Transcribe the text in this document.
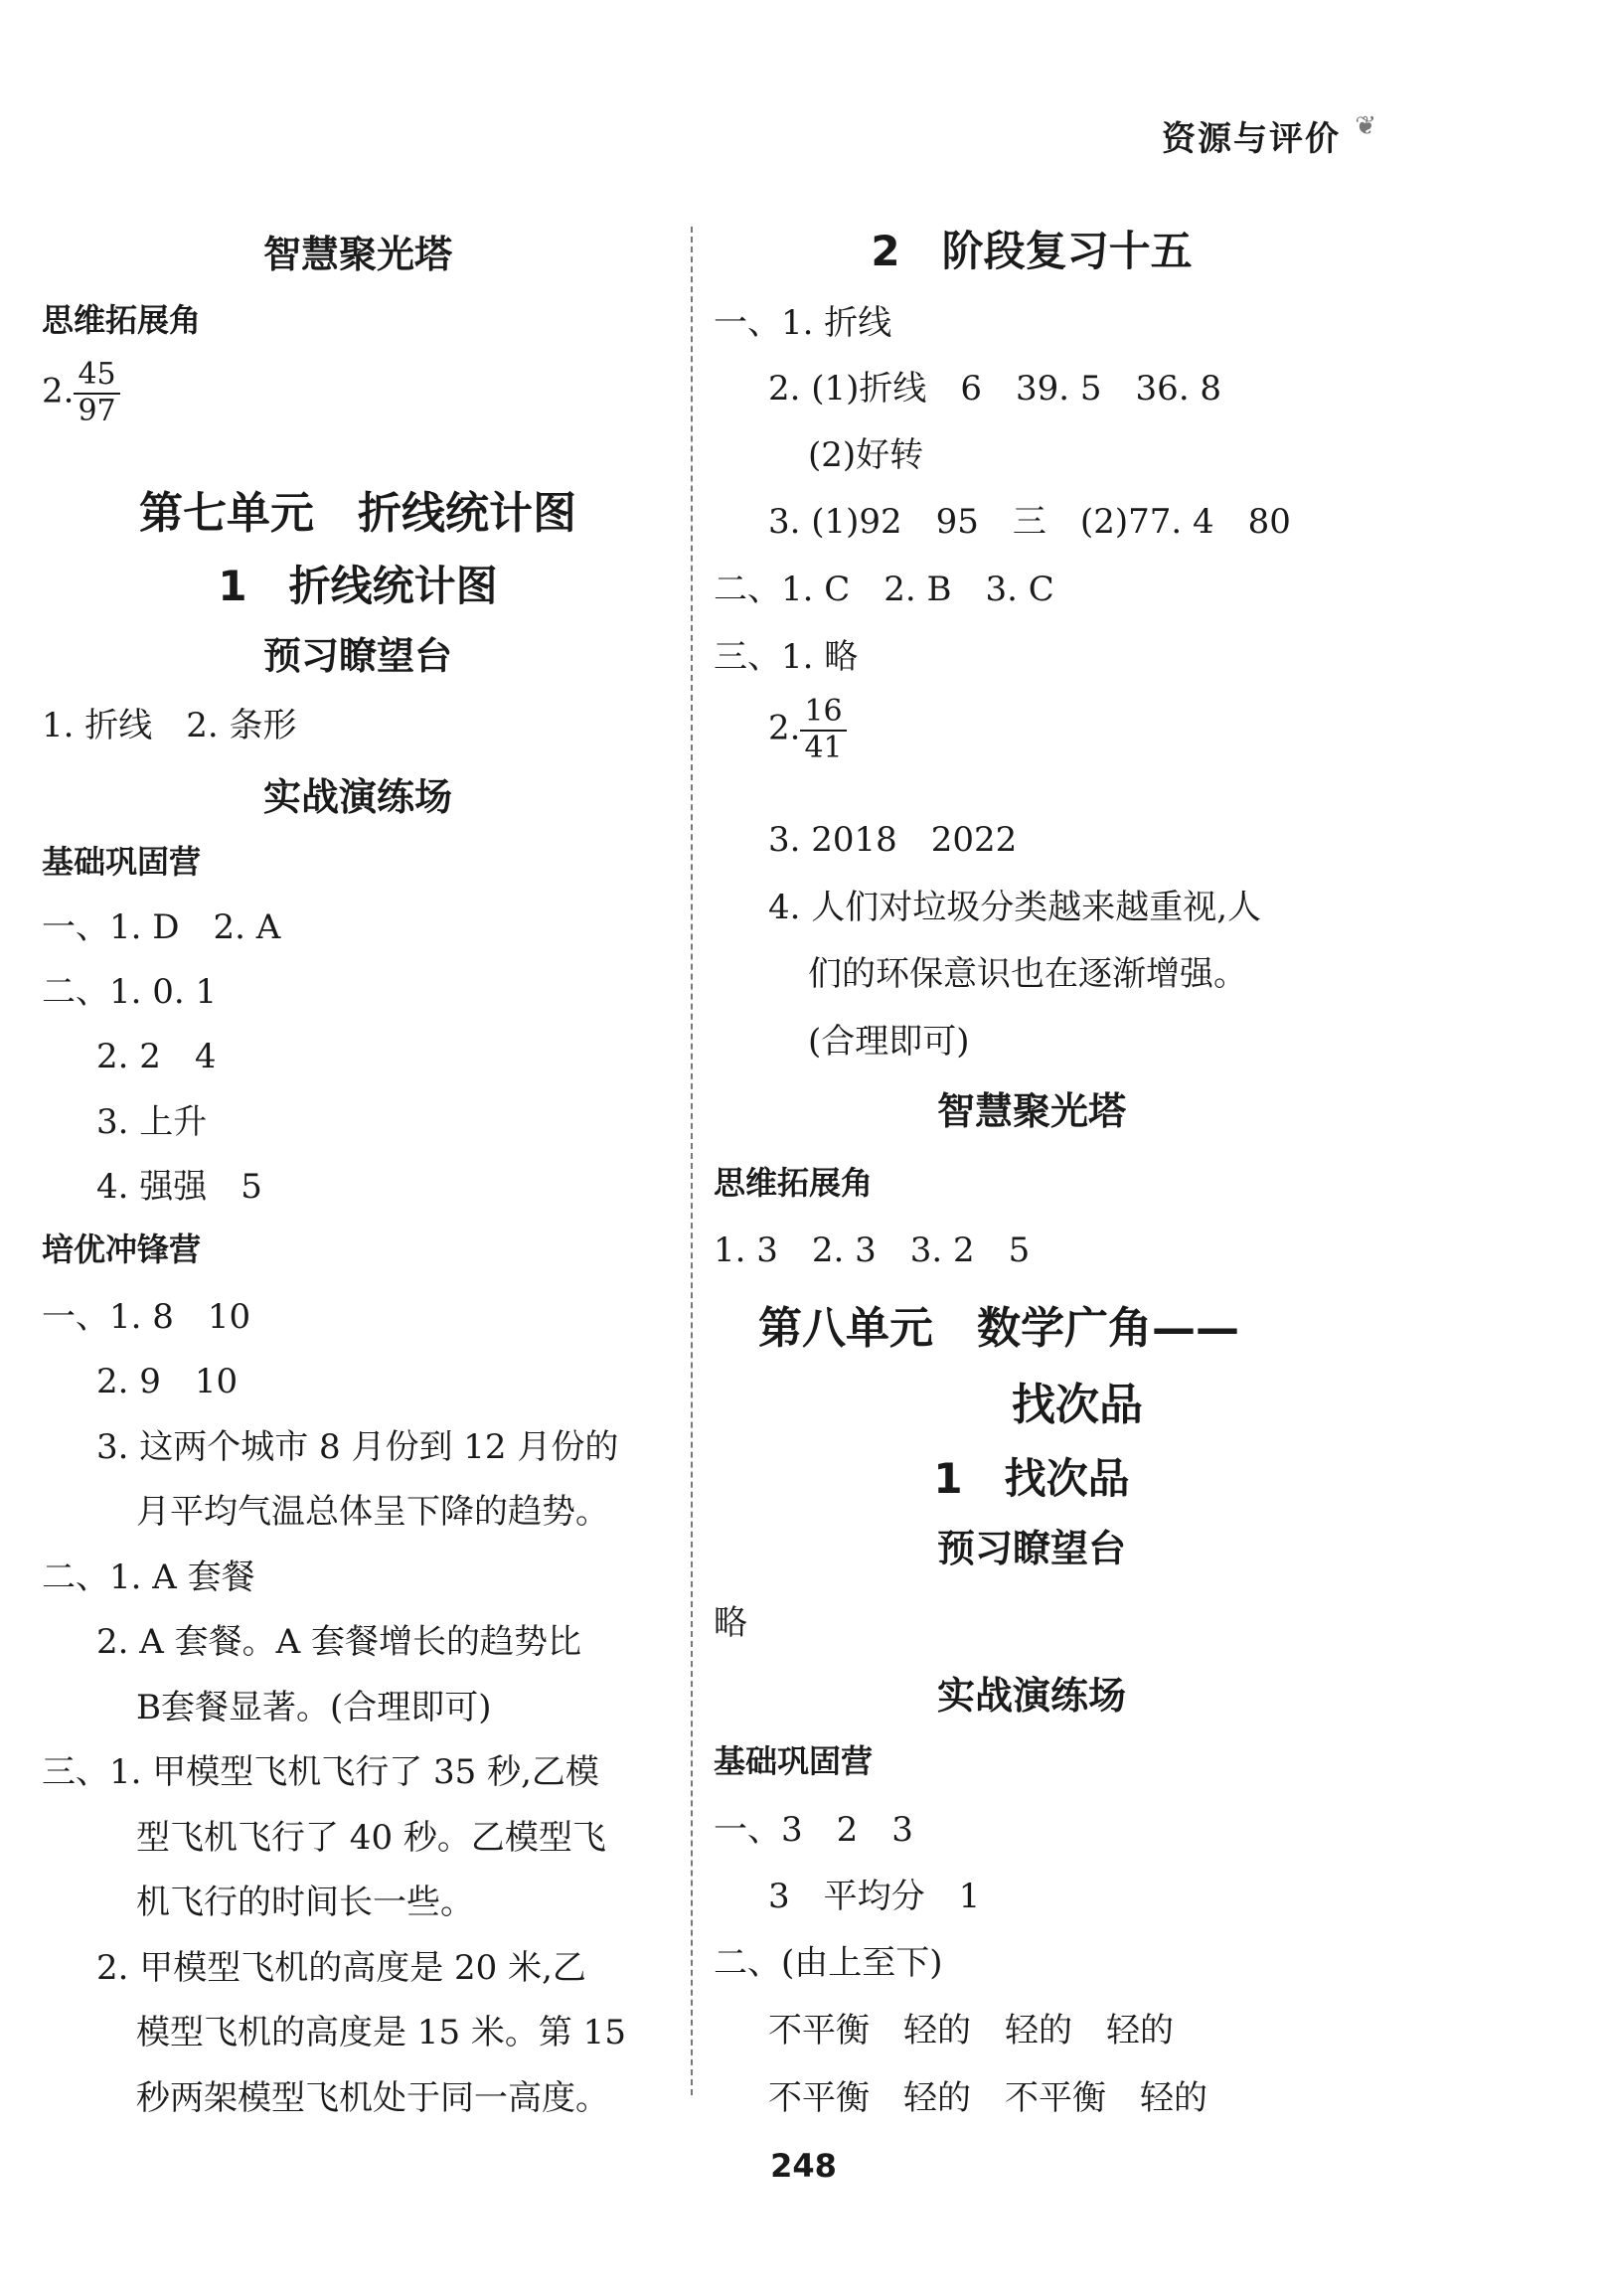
资源与评价 ❦
智慧聚光塔
思维拓展角
2. $\frac{45}{97}$
第七单元　折线统计图
1　折线统计图
预习瞭望台
1. 折线　2. 条形
实战演练场
基础巩固营
一、1. D　2. A
二、1. 0. 1
2. 2　4
3. 上升
4. 强强　5
培优冲锋营
一、1. 8　10
2. 9　10
3. 这两个城市 8 月份到 12 月份的
月平均气温总体呈下降的趋势。
二、1. A 套餐
2. A 套餐。A 套餐增长的趋势比
B套餐显著。(合理即可)
三、1. 甲模型飞机飞行了 35 秒,乙模
型飞机飞行了 40 秒。乙模型飞
机飞行的时间长一些。
2. 甲模型飞机的高度是 20 米,乙
模型飞机的高度是 15 米。第 15
秒两架模型飞机处于同一高度。
2　阶段复习十五
一、1. 折线
2. (1)折线　6　39. 5　36. 8
(2)好转
3. (1)92　95　三　(2)77. 4　80
二、1. C　2. B　3. C
三、1. 略
2. $\frac{16}{41}$
3. 2018　2022
4. 人们对垃圾分类越来越重视,人
们的环保意识也在逐渐增强。
(合理即可)
智慧聚光塔
思维拓展角
1. 3　2. 3　3. 2　5
第八单元　数学广角——
找次品
1　找次品
预习瞭望台
略
实战演练场
基础巩固营
一、3　2　3
3　平均分　1
二、(由上至下)
不平衡　轻的　轻的　轻的
不平衡　轻的　不平衡　轻的
248
